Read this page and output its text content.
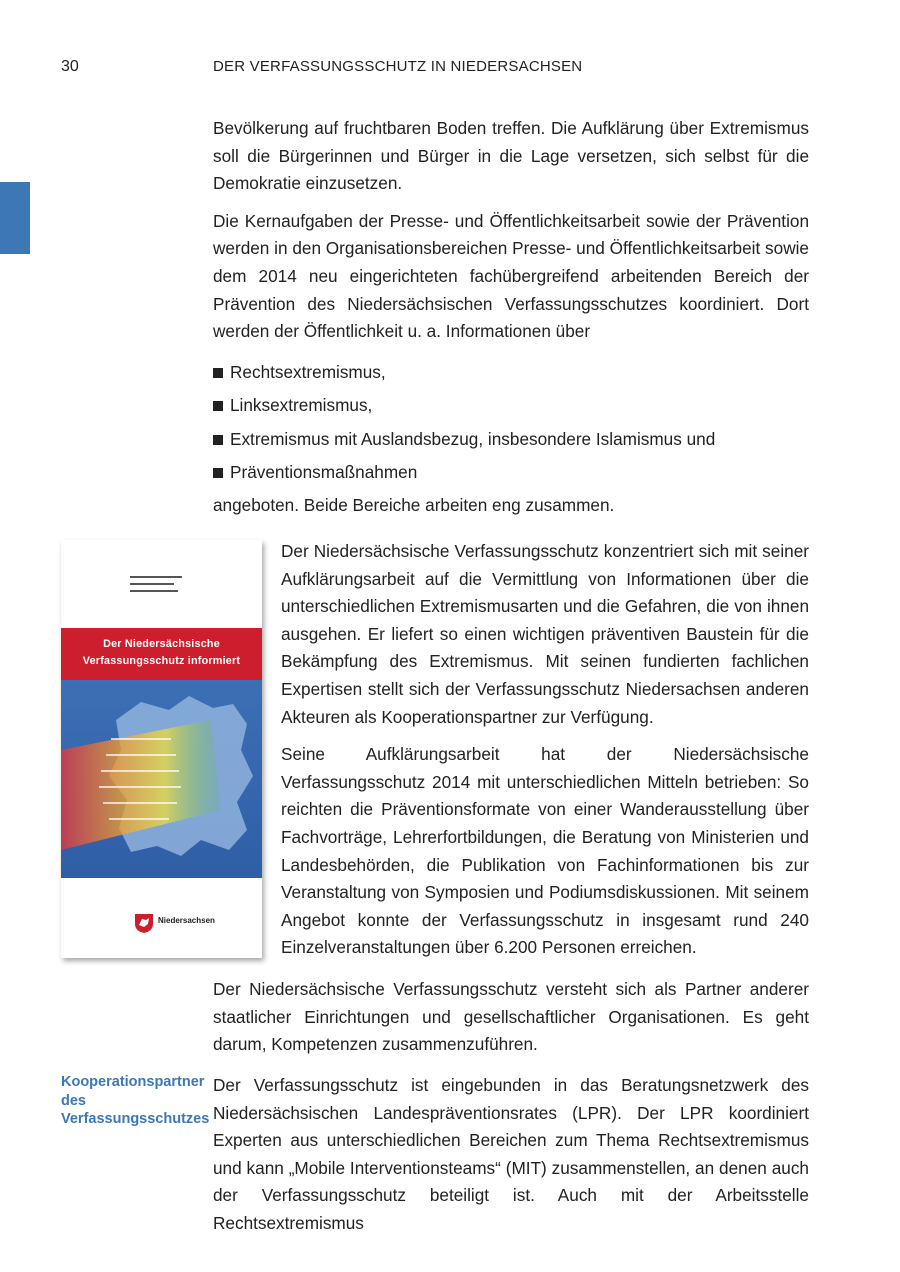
30	DER VERFASSUNGSSCHUTZ IN NIEDERSACHSEN

Bevölkerung auf fruchtbaren Boden treffen. Die Aufklärung über Extremismus soll die Bürgerinnen und Bürger in die Lage versetzen, sich selbst für die Demokratie einzusetzen.

Die Kernaufgaben der Presse- und Öffentlichkeitsarbeit sowie der Prävention werden in den Organisationsbereichen Presse- und Öffentlichkeitsarbeit sowie dem 2014 neu eingerichteten fachübergreifend arbeitenden Bereich der Prävention des Niedersächsischen Verfassungsschutzes koordiniert. Dort werden der Öffentlichkeit u. a. Informationen über

Rechtsextremismus,
Linksextremismus,
Extremismus mit Auslandsbezug, insbesondere Islamismus und
Präventionsmaßnahmen

angeboten. Beide Bereiche arbeiten eng zusammen.

Der Niedersächsische
Verfassungsschutz informiert
Niedersachsen

Der Niedersächsische Verfassungsschutz konzentriert sich mit seiner Aufklärungsarbeit auf die Vermittlung von Informationen über die unterschiedlichen Extremismusarten und die Gefahren, die von ihnen ausgehen. Er liefert so einen wichtigen präventiven Baustein für die Bekämpfung des Extremismus. Mit seinen fundierten fachlichen Expertisen stellt sich der Verfassungsschutz Niedersachsen anderen Akteuren als Kooperationspartner zur Verfügung.

Seine Aufklärungsarbeit hat der Niedersächsische Verfassungsschutz 2014 mit unterschiedlichen Mitteln betrieben: So reichten die Präventionsformate von einer Wanderausstellung über Fachvorträge, Lehrerfortbildungen, die Beratung von Ministerien und Landesbehörden, die Publikation von Fachinformationen bis zur Veranstaltung von Symposien und Podiumsdiskussionen. Mit seinem Angebot konnte der Verfassungsschutz in insgesamt rund 240 Einzelveranstaltungen über 6.200 Personen erreichen.

Der Niedersächsische Verfassungsschutz versteht sich als Partner anderer staatlicher Einrichtungen und gesellschaftlicher Organisationen. Es geht darum, Kompetenzen zusammenzuführen.

Kooperationspartner des Verfassungsschutzes

Der Verfassungsschutz ist eingebunden in das Beratungsnetzwerk des Niedersächsischen Landespräventionsrates (LPR). Der LPR koordiniert Experten aus unterschiedlichen Bereichen zum Thema Rechtsextremismus und kann „Mobile Interventionsteams“ (MIT) zusammenstellen, an denen auch der Verfassungsschutz beteiligt ist. Auch mit der Arbeitsstelle Rechtsextremismus
